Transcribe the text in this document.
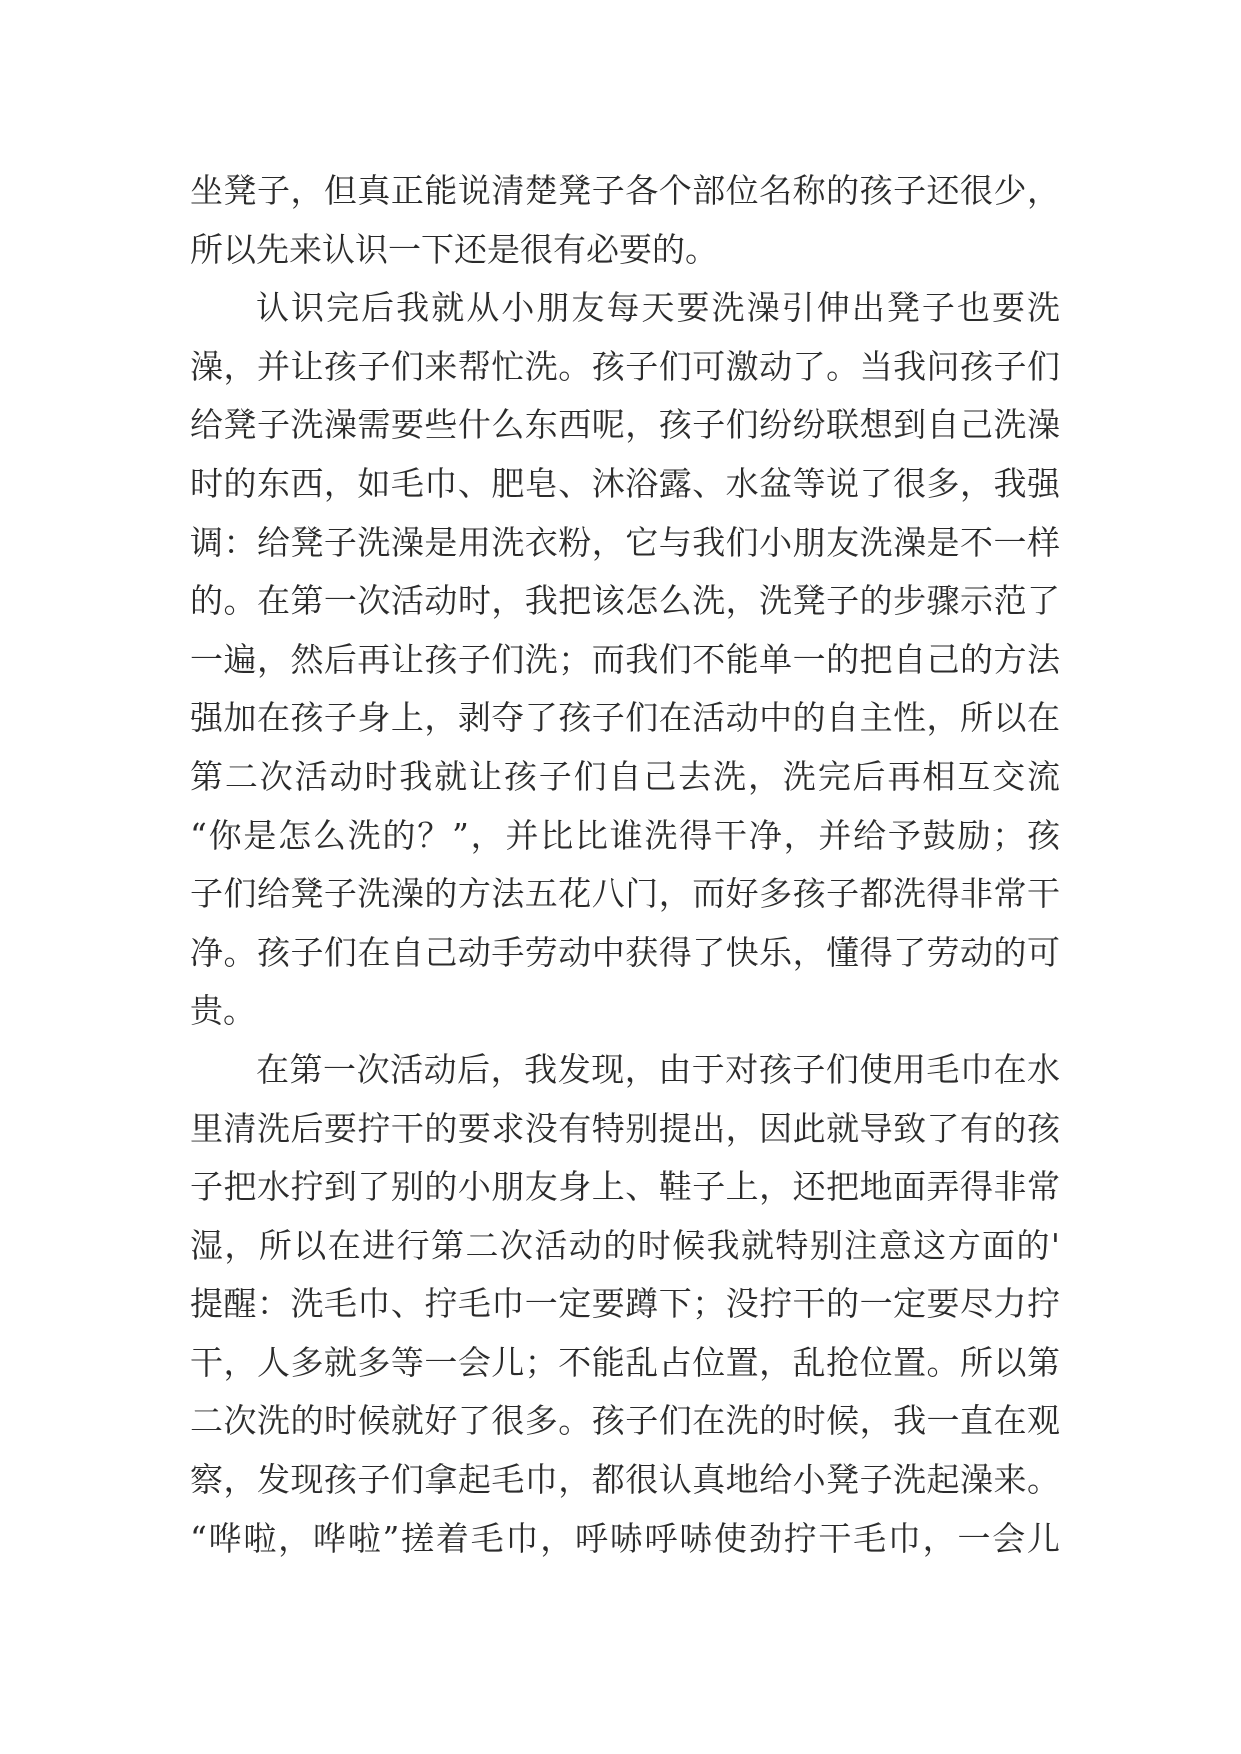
坐凳子，但真正能说清楚凳子各个部位名称的孩子还很少，
所以先来认识一下还是很有必要的。
认识完后我就从小朋友每天要洗澡引伸出凳子也要洗
澡，并让孩子们来帮忙洗。孩子们可激动了。当我问孩子们
给凳子洗澡需要些什么东西呢，孩子们纷纷联想到自己洗澡
时的东西，如毛巾、肥皂、沐浴露、水盆等说了很多，我强
调：给凳子洗澡是用洗衣粉，它与我们小朋友洗澡是不一样
的。在第一次活动时，我把该怎么洗，洗凳子的步骤示范了
一遍，然后再让孩子们洗；而我们不能单一的把自己的方法
强加在孩子身上，剥夺了孩子们在活动中的自主性，所以在
第二次活动时我就让孩子们自己去洗，洗完后再相互交流
“你是怎么洗的？”，并比比谁洗得干净，并给予鼓励；孩
子们给凳子洗澡的方法五花八门，而好多孩子都洗得非常干
净。孩子们在自己动手劳动中获得了快乐，懂得了劳动的可
贵。
在第一次活动后，我发现，由于对孩子们使用毛巾在水
里清洗后要拧干的要求没有特别提出，因此就导致了有的孩
子把水拧到了别的小朋友身上、鞋子上，还把地面弄得非常
湿，所以在进行第二次活动的时候我就特别注意这方面的'
提醒：洗毛巾、拧毛巾一定要蹲下；没拧干的一定要尽力拧
干，人多就多等一会儿；不能乱占位置，乱抢位置。所以第
二次洗的时候就好了很多。孩子们在洗的时候，我一直在观
察，发现孩子们拿起毛巾，都很认真地给小凳子洗起澡来。
“哗啦，哗啦”搓着毛巾，呼哧呼哧使劲拧干毛巾，一会儿
